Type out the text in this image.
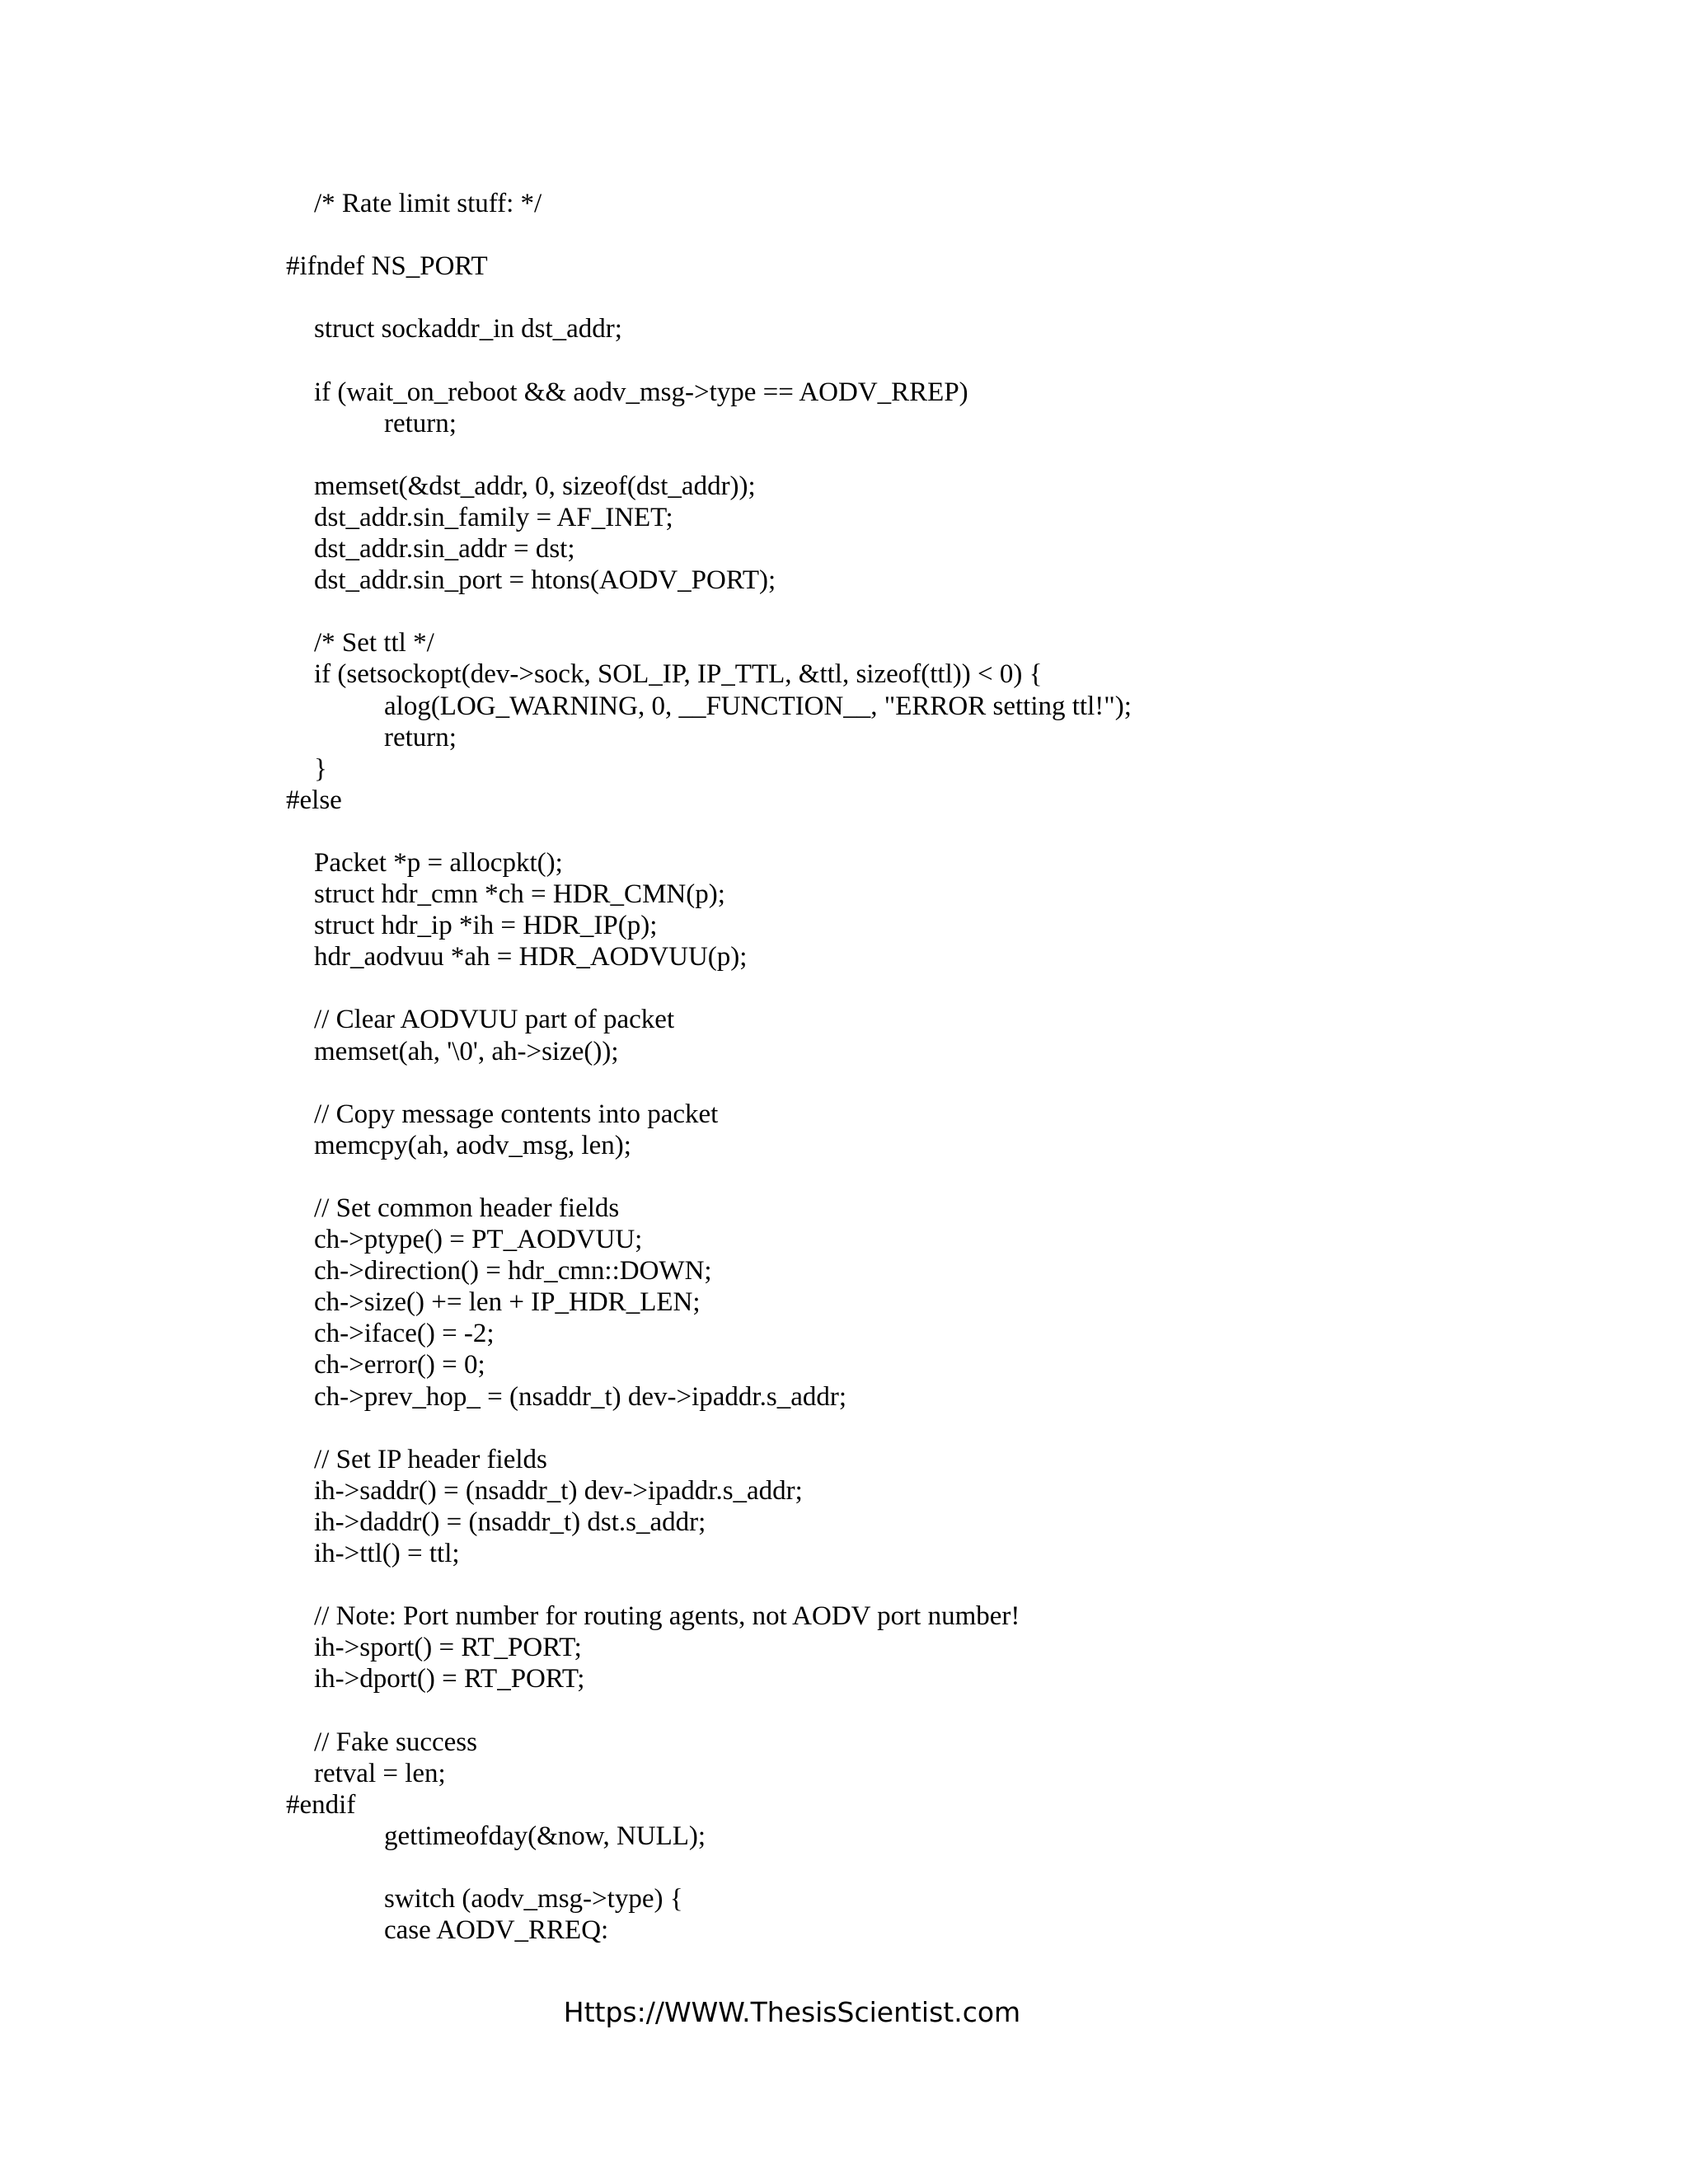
/* Rate limit stuff: */
#ifndef NS_PORT
struct sockaddr_in dst_addr;
if (wait_on_reboot && aodv_msg->type == AODV_RREP)
return;
memset(&dst_addr, 0, sizeof(dst_addr));
dst_addr.sin_family = AF_INET;
dst_addr.sin_addr = dst;
dst_addr.sin_port = htons(AODV_PORT);
/* Set ttl */
if (setsockopt(dev->sock, SOL_IP, IP_TTL, &ttl, sizeof(ttl)) < 0) {
alog(LOG_WARNING, 0, __FUNCTION__, "ERROR setting ttl!");
return;
}
#else
Packet *p = allocpkt();
struct hdr_cmn *ch = HDR_CMN(p);
struct hdr_ip *ih = HDR_IP(p);
hdr_aodvuu *ah = HDR_AODVUU(p);
// Clear AODVUU part of packet
memset(ah, '\0', ah->size());
// Copy message contents into packet
memcpy(ah, aodv_msg, len);
// Set common header fields
ch->ptype() = PT_AODVUU;
ch->direction() = hdr_cmn::DOWN;
ch->size() += len + IP_HDR_LEN;
ch->iface() = -2;
ch->error() = 0;
ch->prev_hop_ = (nsaddr_t) dev->ipaddr.s_addr;
// Set IP header fields
ih->saddr() = (nsaddr_t) dev->ipaddr.s_addr;
ih->daddr() = (nsaddr_t) dst.s_addr;
ih->ttl() = ttl;
// Note: Port number for routing agents, not AODV port number!
ih->sport() = RT_PORT;
ih->dport() = RT_PORT;
// Fake success
retval = len;
#endif
gettimeofday(&now, NULL);
switch (aodv_msg->type) {
case AODV_RREQ:
Https://WWW.ThesisScientist.com
